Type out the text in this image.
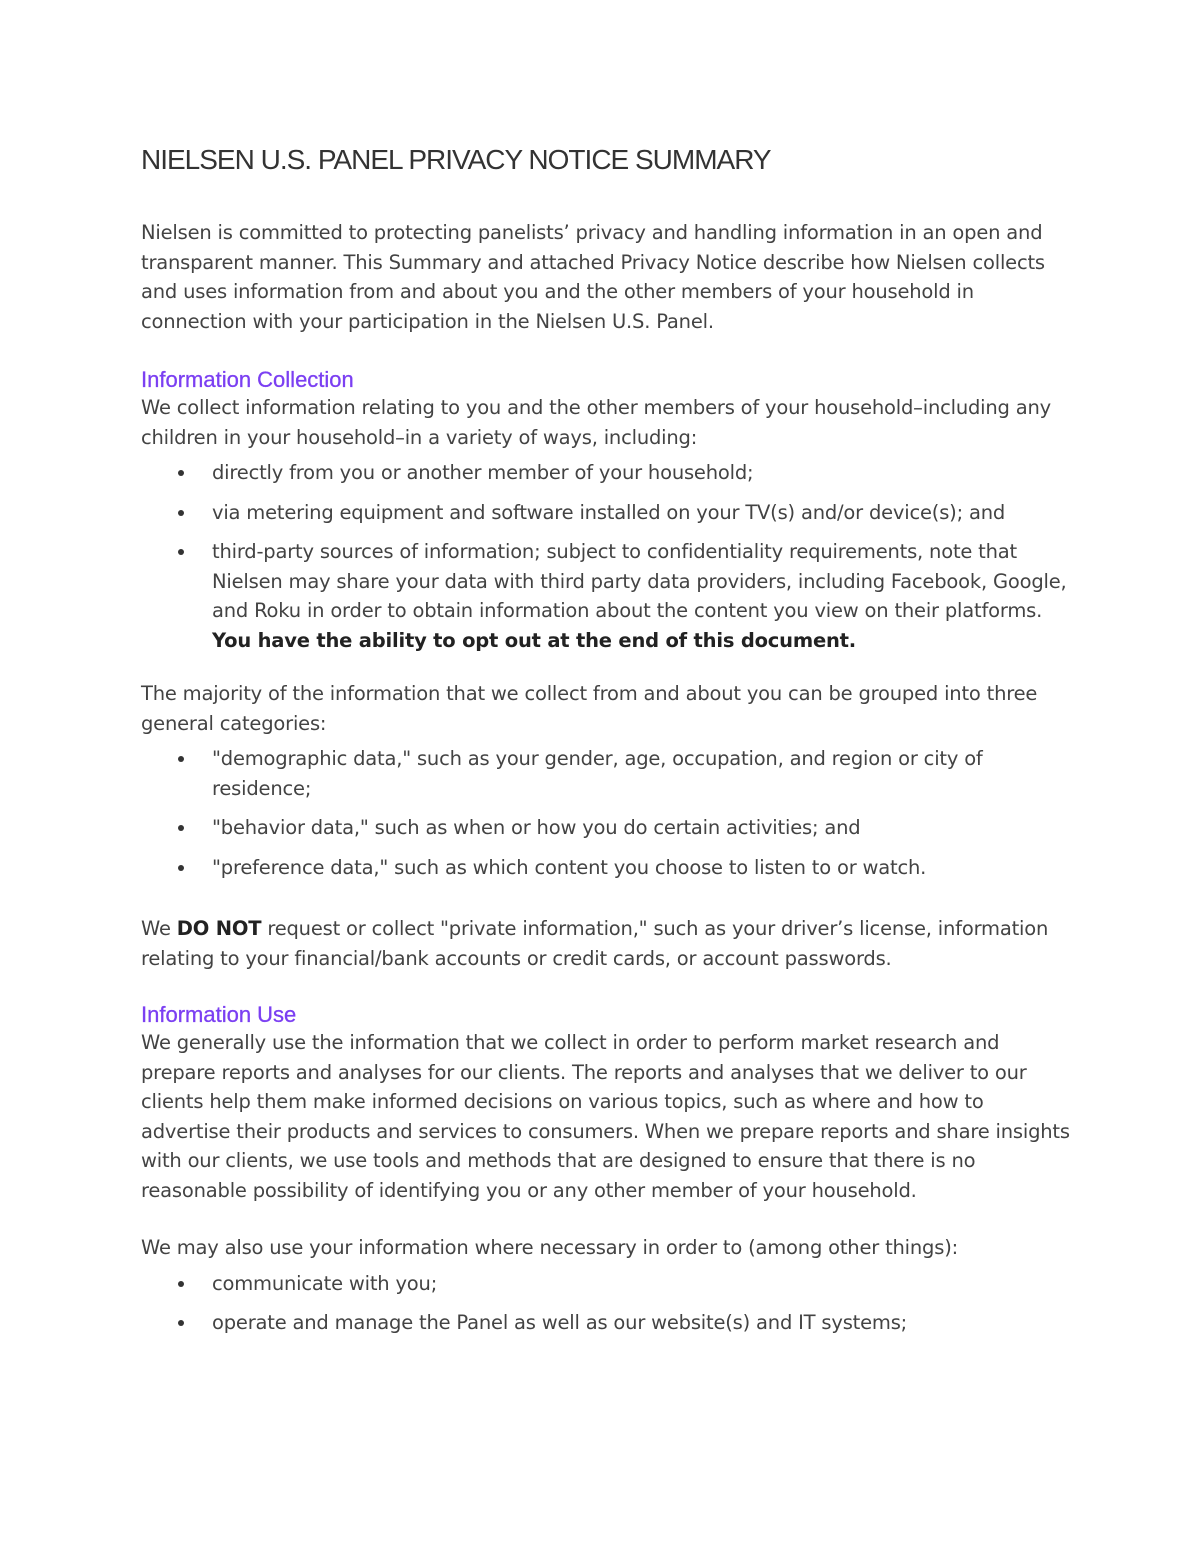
NIELSEN U.S. PANEL PRIVACY NOTICE SUMMARY

Nielsen is committed to protecting panelists’ privacy and handling information in an open and transparent manner. This Summary and attached Privacy Notice describe how Nielsen collects and uses information from and about you and the other members of your household in connection with your participation in the Nielsen U.S. Panel.

Information Collection

We collect information relating to you and the other members of your household–including any children in your household–in a variety of ways, including:

directly from you or another member of your household;
via metering equipment and software installed on your TV(s) and/or device(s); and
third-party sources of information; subject to confidentiality requirements, note that Nielsen may share your data with third party data providers, including Facebook, Google, and Roku in order to obtain information about the content you view on their platforms. You have the ability to opt out at the end of this document.

The majority of the information that we collect from and about you can be grouped into three general categories:

"demographic data," such as your gender, age, occupation, and region or city of residence;
"behavior data," such as when or how you do certain activities; and
"preference data," such as which content you choose to listen to or watch.

We DO NOT request or collect "private information," such as your driver’s license, information relating to your financial/bank accounts or credit cards, or account passwords.

Information Use

We generally use the information that we collect in order to perform market research and prepare reports and analyses for our clients. The reports and analyses that we deliver to our clients help them make informed decisions on various topics, such as where and how to advertise their products and services to consumers. When we prepare reports and share insights with our clients, we use tools and methods that are designed to ensure that there is no reasonable possibility of identifying you or any other member of your household.

We may also use your information where necessary in order to (among other things):

communicate with you;
operate and manage the Panel as well as our website(s) and IT systems;
